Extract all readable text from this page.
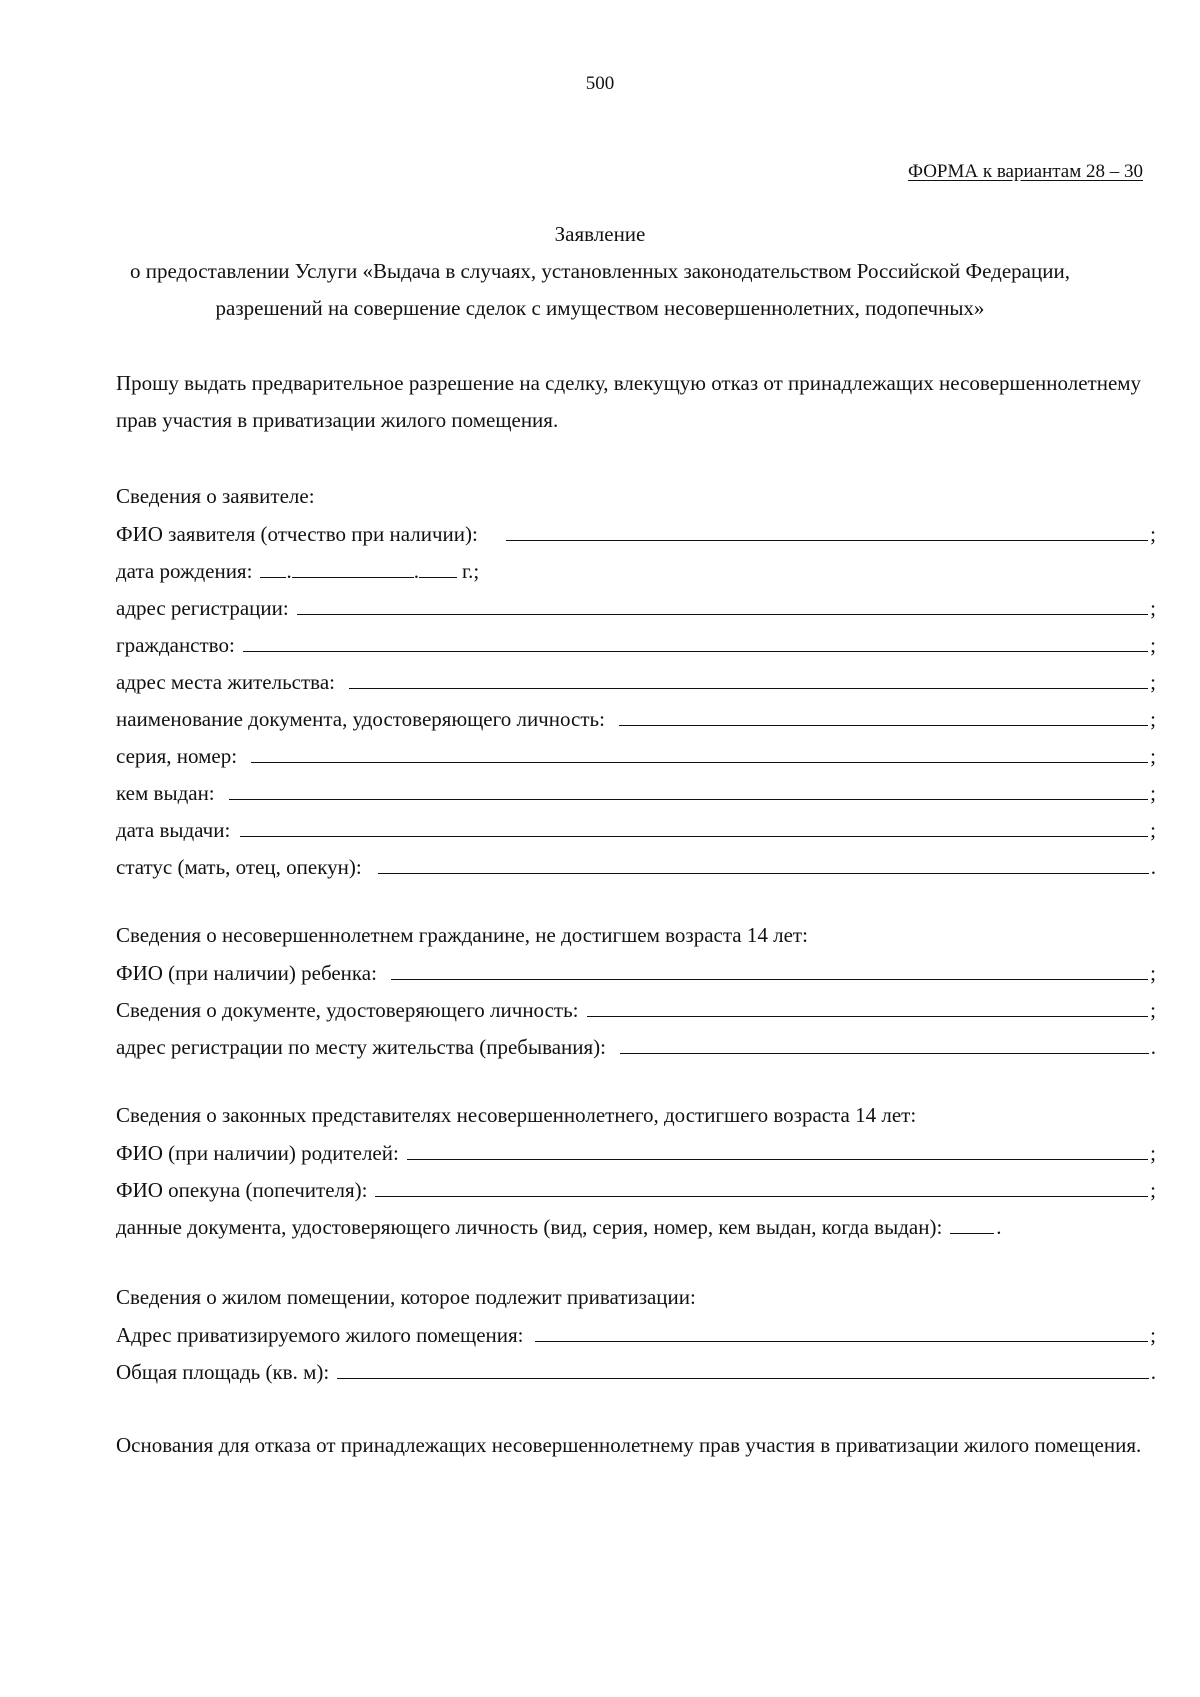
500
ФОРМА к вариантам 28 – 30
Заявление
о предоставлении Услуги «Выдача в случаях, установленных законодательством Российской Федерации, разрешений на совершение сделок с имуществом несовершеннолетних, подопечных»
Прошу выдать предварительное разрешение на сделку, влекущую отказ от принадлежащих несовершеннолетнему прав участия в приватизации жилого помещения.
Сведения о заявителе:
ФИО заявителя (отчество при наличии):	;
дата рождения: .	. г.;
адрес регистрации:	;
гражданство:	;
адрес места жительства:	;
наименование документа, удостоверяющего личность:	;
серия, номер:	;
кем выдан:	;
дата выдачи:	;
статус (мать, отец, опекун):	.
Сведения о несовершеннолетнем гражданине, не достигшем возраста 14 лет:
ФИО (при наличии) ребенка:	;
Сведения о документе, удостоверяющего личность:	;
адрес регистрации по месту жительства (пребывания):	.
Сведения о законных представителях несовершеннолетнего, достигшего возраста 14 лет:
ФИО (при наличии) родителей:	;
ФИО опекуна (попечителя):	;
данные документа, удостоверяющего личность (вид, серия, номер, кем выдан, когда выдан):	.
Сведения о жилом помещении, которое подлежит приватизации:
Адрес приватизируемого жилого помещения:	;
Общая площадь (кв. м):	.
Основания для отказа от принадлежащих несовершеннолетнему прав участия в приватизации жилого помещения.
